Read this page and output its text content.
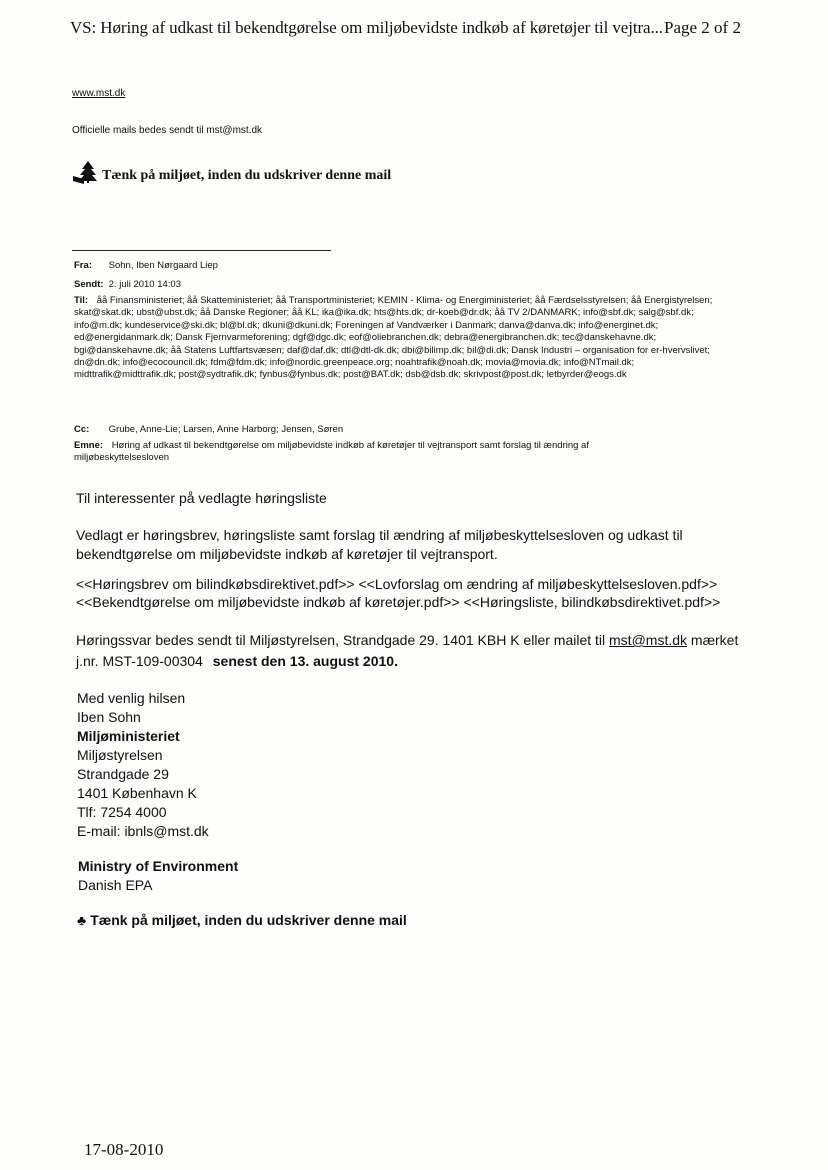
VS: Høring af udkast til bekendtgørelse om miljøbevidste indkøb af køretøjer til vejtra... Page 2 of 2
www.mst.dk
Officielle mails bedes sendt til mst@mst.dk
Tænk på miljøet, inden du udskriver denne mail
Fra: Sohn, Iben Nørgaard Liep
Sendt: 2. juli 2010 14:03
Til: åå Finansministeriet; åå Skatteministeriet; åå Transportministeriet; KEMIN - Klima- og Energiministeriet; åå Færdselsstyrelsen; åå Energistyrelsen; skat@skat.dk; ubst@ubst.dk; åå Danske Regioner; åå KL; ika@ika.dk; hts@hts.dk; dr-koeb@dr.dk; åå TV 2/DANMARK; info@sbf.dk; salg@sbf.dk; info@m.dk; kundeservice@ski.dk; bl@bl.dk; dkuni@dkuni.dk; Foreningen af Vandværker i Danmark; danva@danva.dk; info@energinet.dk; ed@energidanmark.dk; Dansk Fjernvarmeforening; dgf@dgc.dk; eof@oliebranchen.dk; debra@energibranchen.dk; tec@danskehavne.dk; bgi@danskehavne.dk; åå Statens Luftfartsvæsen; daf@daf.dk; dtl@dtl-dk.dk; dbi@bilimp.dk; bil@di.dk; Dansk Industri – organisation for er-hvervslivet; dn@dn.dk; info@ecocouncil.dk; fdm@fdm.dk; info@nordic.greenpeace.org; noahtrafik@noah.dk; movia@movia.dk; info@NTmail.dk; midttrafik@midttrafik.dk; post@sydtrafik.dk; fynbus@fynbus.dk; post@BAT.dk; dsb@dsb.dk; skrivpost@post.dk; letbyrder@eogs.dk
Cc: Grube, Anne-Lie; Larsen, Anne Harborg; Jensen, Søren
Emne: Høring af udkast til bekendtgørelse om miljøbevidste indkøb af køretøjer til vejtransport samt forslag til ændring af miljøbeskyttelsesloven
Til interessenter på vedlagte høringsliste
Vedlagt er høringsbrev, høringsliste samt forslag til ændring af miljøbeskyttelsesloven og udkast til bekendtgørelse om miljøbevidste indkøb af køretøjer til vejtransport.
<<Høringsbrev om bilindkøbsdirektivet.pdf>> <<Lovforslag om ændring af miljøbeskyttelsesloven.pdf>>
<<Bekendtgørelse om miljøbevidste indkøb af køretøjer.pdf>> <<Høringsliste, bilindkøbsdirektivet.pdf>>
Høringssvar bedes sendt til Miljøstyrelsen, Strandgade 29. 1401 KBH K eller mailet til mst@mst.dk mærket
j.nr. MST-109-00304 senest den 13. august 2010.
Med venlig hilsen
Iben Sohn
Miljøministeriet
Miljøstyrelsen
Strandgade 29
1401 København K
Tlf: 7254 4000
E-mail: ibnls@mst.dk
Ministry of Environment
Danish EPA
♣ Tænk på miljøet, inden du udskriver denne mail
17-08-2010
